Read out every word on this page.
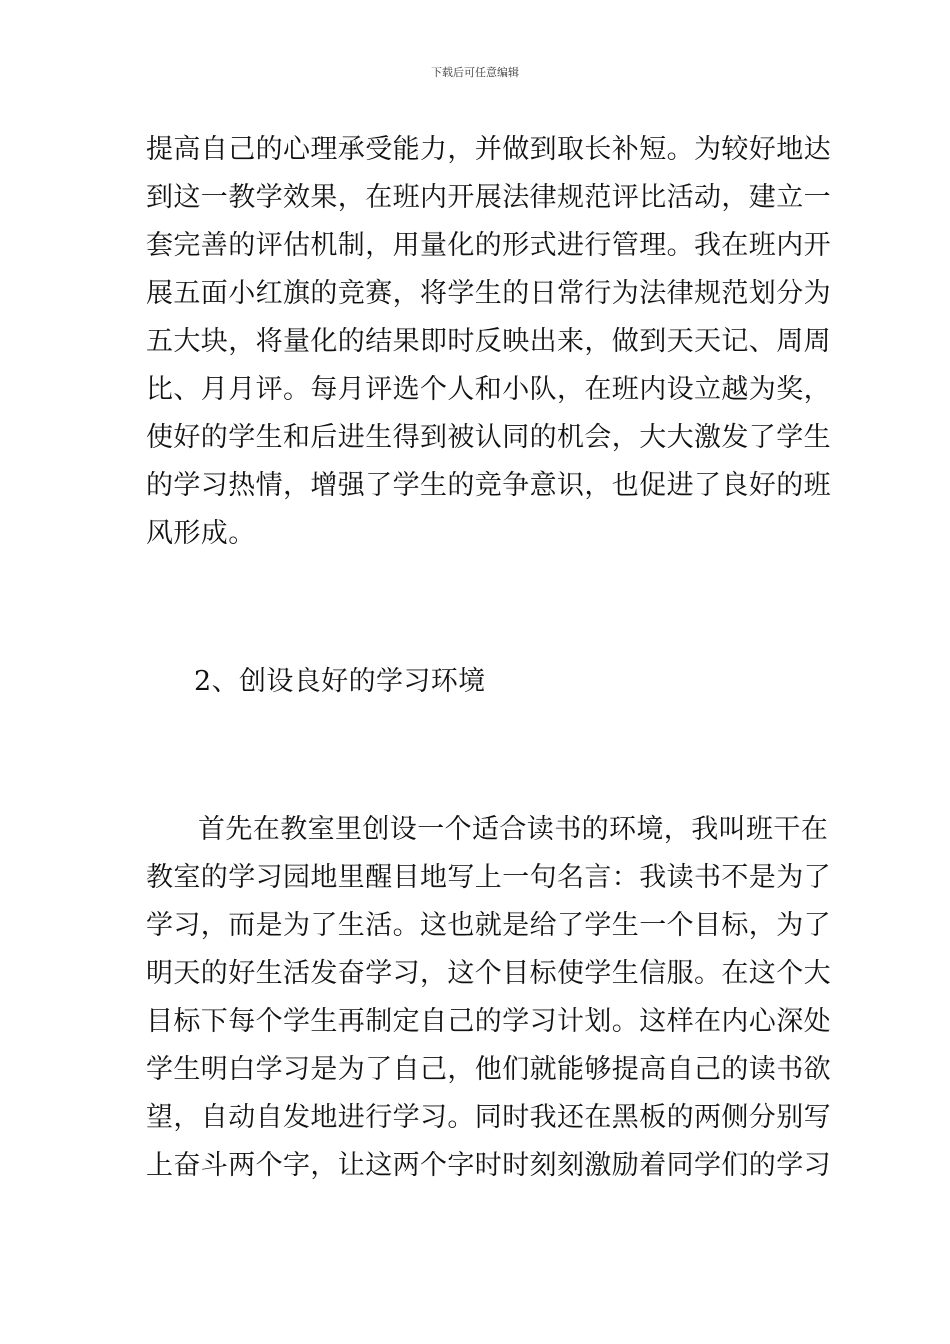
下载后可任意编辑
提高自己的心理承受能力，并做到取长补短。为较好地达
到这一教学效果，在班内开展法律规范评比活动，建立一
套完善的评估机制，用量化的形式进行管理。我在班内开
展五面小红旗的竞赛，将学生的日常行为法律规范划分为
五大块，将量化的结果即时反映出来，做到天天记、周周
比、月月评。每月评选个人和小队，在班内设立越为奖，
使好的学生和后进生得到被认同的机会，大大激发了学生
的学习热情，增强了学生的竞争意识，也促进了良好的班
风形成。
2、创设良好的学习环境
首先在教室里创设一个适合读书的环境，我叫班干在
教室的学习园地里醒目地写上一句名言：我读书不是为了
学习，而是为了生活。这也就是给了学生一个目标，为了
明天的好生活发奋学习，这个目标使学生信服。在这个大
目标下每个学生再制定自己的学习计划。这样在内心深处
学生明白学习是为了自己，他们就能够提高自己的读书欲
望，自动自发地进行学习。同时我还在黑板的两侧分别写
上奋斗两个字，让这两个字时时刻刻激励着同学们的学习
